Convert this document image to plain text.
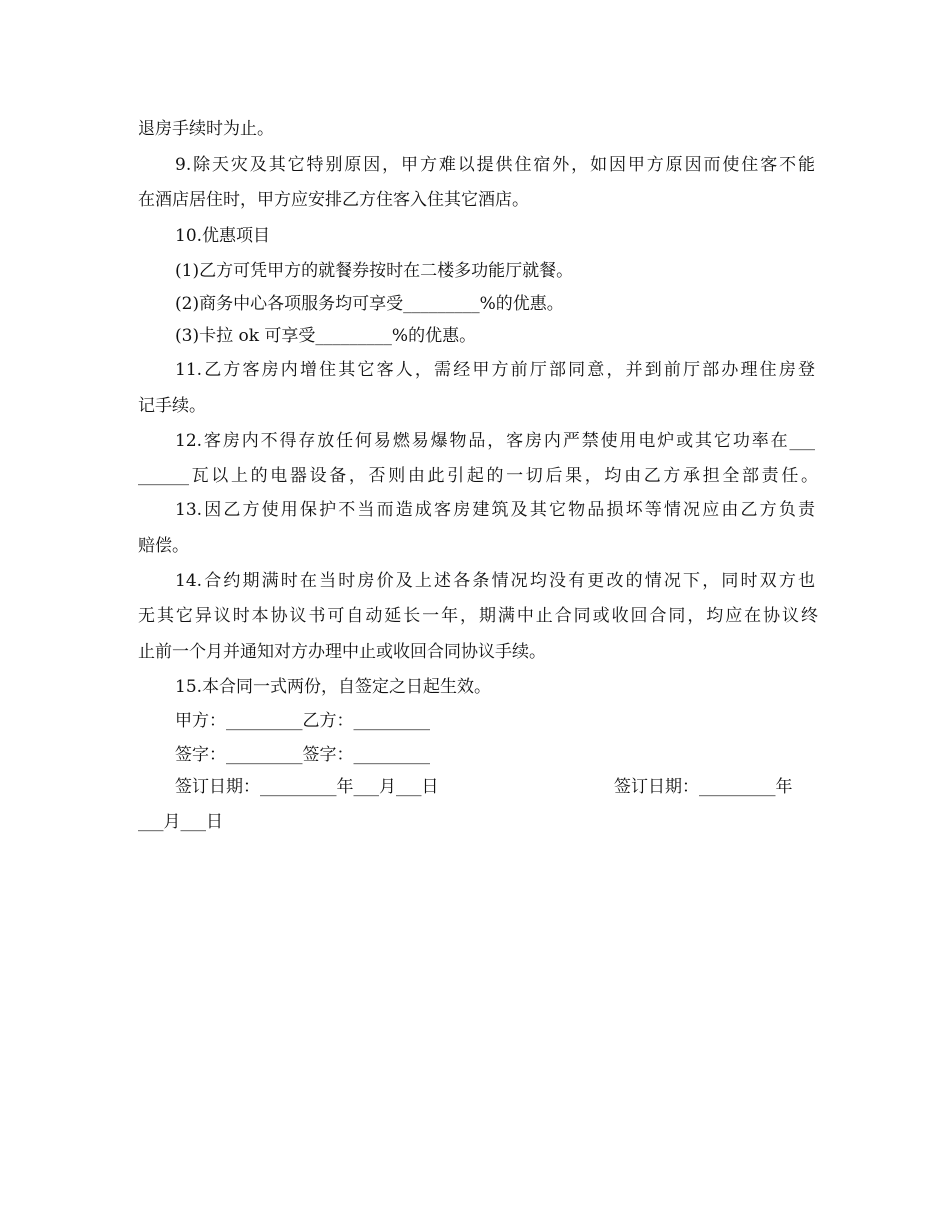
退房手续时为止。
9.除天灾及其它特别原因，甲方难以提供住宿外，如因甲方原因而使住客不能
在酒店居住时，甲方应安排乙方住客入住其它酒店。
10.优惠项目
(1)乙方可凭甲方的就餐券按时在二楼多功能厅就餐。
(2)商务中心各项服务均可享受_________%的优惠。
(3)卡拉 ok 可享受_________%的优惠。
11.乙方客房内增住其它客人，需经甲方前厅部同意，并到前厅部办理住房登
记手续。
12.客房内不得存放任何易燃易爆物品，客房内严禁使用电炉或其它功率在___
______瓦以上的电器设备，否则由此引起的一切后果，均由乙方承担全部责任。
13.因乙方使用保护不当而造成客房建筑及其它物品损坏等情况应由乙方负责
赔偿。
14.合约期满时在当时房价及上述各条情况均没有更改的情况下，同时双方也
无其它异议时本协议书可自动延长一年，期满中止合同或收回合同，均应在协议终
止前一个月并通知对方办理中止或收回合同协议手续。
15.本合同一式两份，自签定之日起生效。
甲方：_________乙方：_________
签字：_________签字：_________
签订日期：_________年___月___日	签订日期：_________年
___月___日
